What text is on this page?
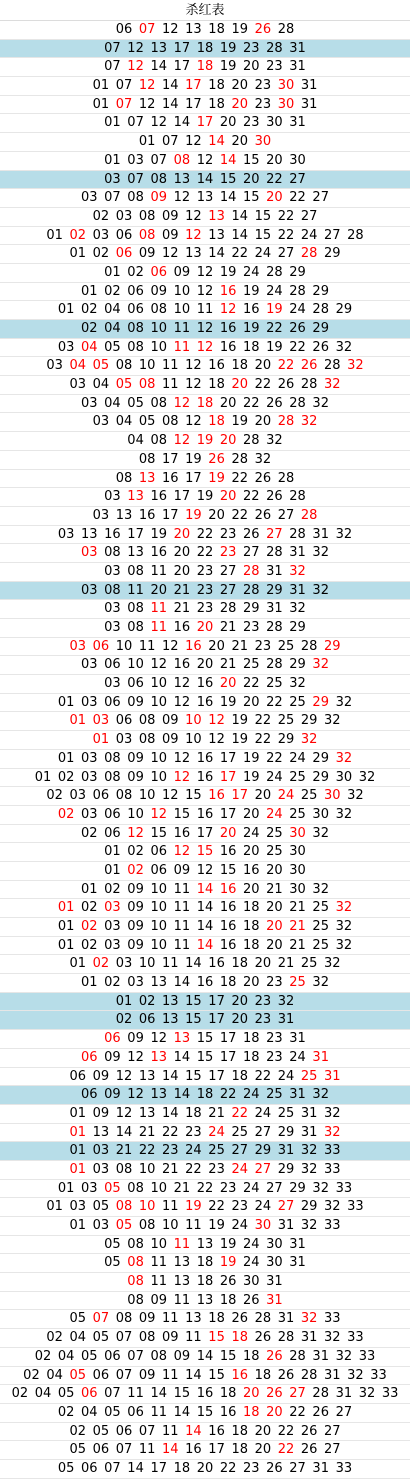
杀红表
06 07 12 13 18 19 26 28
07 12 13 17 18 19 23 28 31
07 12 14 17 18 19 20 23 31
01 07 12 14 17 18 20 23 30 31
01 07 12 14 17 18 20 23 30 31
01 07 12 14 17 20 23 30 31
01 07 12 14 20 30
01 03 07 08 12 14 15 20 30
03 07 08 13 14 15 20 22 27
03 07 08 09 12 13 14 15 20 22 27
02 03 08 09 12 13 14 15 22 27
01 02 03 06 08 09 12 13 14 15 22 24 27 28
01 02 06 09 12 13 14 22 24 27 28 29
01 02 06 09 12 19 24 28 29
01 02 06 09 10 12 16 19 24 28 29
01 02 04 06 08 10 11 12 16 19 24 28 29
02 04 08 10 11 12 16 19 22 26 29
03 04 05 08 10 11 12 16 18 19 22 26 32
03 04 05 08 10 11 12 16 18 20 22 26 28 32
03 04 05 08 11 12 18 20 22 26 28 32
03 04 05 08 12 18 20 22 26 28 32
03 04 05 08 12 18 19 20 28 32
04 08 12 19 20 28 32
08 17 19 26 28 32
08 13 16 17 19 22 26 28
03 13 16 17 19 20 22 26 28
03 13 16 17 19 20 22 26 27 28
03 13 16 17 19 20 22 23 26 27 28 31 32
03 08 13 16 20 22 23 27 28 31 32
03 08 11 20 23 27 28 31 32
03 08 11 20 21 23 27 28 29 31 32
03 08 11 21 23 28 29 31 32
03 08 11 16 20 21 23 28 29
03 06 10 11 12 16 20 21 23 25 28 29
03 06 10 12 16 20 21 25 28 29 32
03 06 10 12 16 20 22 25 32
01 03 06 09 10 12 16 19 20 22 25 29 32
01 03 06 08 09 10 12 19 22 25 29 32
01 03 08 09 10 12 19 22 29 32
01 03 08 09 10 12 16 17 19 22 24 29 32
01 02 03 08 09 10 12 16 17 19 24 25 29 30 32
02 03 06 08 10 12 15 16 17 20 24 25 30 32
02 03 06 10 12 15 16 17 20 24 25 30 32
02 06 12 15 16 17 20 24 25 30 32
01 02 06 12 15 16 20 25 30
01 02 06 09 12 15 16 20 30
01 02 09 10 11 14 16 20 21 30 32
01 02 03 09 10 11 14 16 18 20 21 25 32
01 02 03 09 10 11 14 16 18 20 21 25 32
01 02 03 09 10 11 14 16 18 20 21 25 32
01 02 03 10 11 14 16 18 20 21 25 32
01 02 03 13 14 16 18 20 23 25 32
01 02 13 15 17 20 23 32
02 06 13 15 17 20 23 31
06 09 12 13 15 17 18 23 31
06 09 12 13 14 15 17 18 23 24 31
06 09 12 13 14 15 17 18 22 24 25 31
06 09 12 13 14 18 22 24 25 31 32
01 09 12 13 14 18 21 22 24 25 31 32
01 13 14 21 22 23 24 25 27 29 31 32
01 03 21 22 23 24 25 27 29 31 32 33
01 03 08 10 21 22 23 24 27 29 32 33
01 03 05 08 10 21 22 23 24 27 29 32 33
01 03 05 08 10 11 19 22 23 24 27 29 32 33
01 03 05 08 10 11 19 24 30 31 32 33
05 08 10 11 13 19 24 30 31
05 08 11 13 18 19 24 30 31
08 11 13 18 26 30 31
08 09 11 13 18 26 31
05 07 08 09 11 13 18 26 28 31 32 33
02 04 05 07 08 09 11 15 18 26 28 31 32 33
02 04 05 06 07 08 09 14 15 18 26 28 31 32 33
02 04 05 06 07 09 11 14 15 16 18 26 28 31 32 33
02 04 05 06 07 11 14 15 16 18 20 26 27 28 31 32 33
02 04 05 06 11 14 15 16 18 20 22 26 27
02 05 06 07 11 14 16 18 20 22 26 27
05 06 07 11 14 16 17 18 20 22 26 27
05 06 07 14 17 18 20 22 23 26 27 31 33
